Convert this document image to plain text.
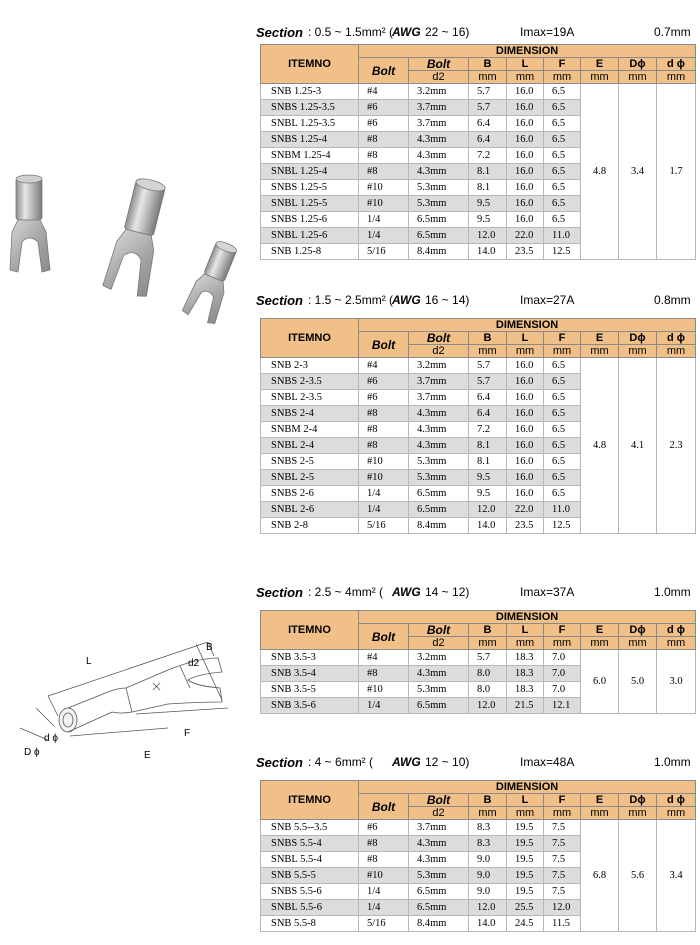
L
B
d2
F
E
d ϕ
D ϕ
Section : 0.5 ~ 1.5mm² (
AWG 22 ~ 16)	Imax=19A	0.7mm
ITEMNO	DIMENSION							
	Bolt	Bolt	B	L	F	E	Dϕ	d ϕ
		d2	mm	mm	mm	mm	mm	mm
SNB 1.25-3	#4	3.2mm	5.7	16.0	6.5	4.8	3.4	1.7
SNBS 1.25-3.5	#6	3.7mm	5.7	16.0	6.5			
SNBL 1.25-3.5	#6	3.7mm	6.4	16.0	6.5			
SNBS 1.25-4	#8	4.3mm	6.4	16.0	6.5			
SNBM 1.25-4	#8	4.3mm	7.2	16.0	6.5			
SNBL 1.25-4	#8	4.3mm	8.1	16.0	6.5			
SNBS 1.25-5	#10	5.3mm	8.1	16.0	6.5			
SNBL 1.25-5	#10	5.3mm	9.5	16.0	6.5			
SNBS 1.25-6	1/4	6.5mm	9.5	16.0	6.5			
SNBL 1.25-6	1/4	6.5mm	12.0	22.0	11.0			
SNB 1.25-8	5/16	8.4mm	14.0	23.5	12.5			
Section : 1.5 ~ 2.5mm² (
AWG 16 ~ 14)	Imax=27A	0.8mm
ITEMNO	DIMENSION							
	Bolt	Bolt	B	L	F	E	Dϕ	d ϕ
		d2	mm	mm	mm	mm	mm	mm
SNB 2-3	#4	3.2mm	5.7	16.0	6.5	4.8	4.1	2.3
SNBS 2-3.5	#6	3.7mm	5.7	16.0	6.5			
SNBL 2-3.5	#6	3.7mm	6.4	16.0	6.5			
SNBS 2-4	#8	4.3mm	6.4	16.0	6.5			
SNBM 2-4	#8	4.3mm	7.2	16.0	6.5			
SNBL 2-4	#8	4.3mm	8.1	16.0	6.5			
SNBS 2-5	#10	5.3mm	8.1	16.0	6.5			
SNBL 2-5	#10	5.3mm	9.5	16.0	6.5			
SNBS 2-6	1/4	6.5mm	9.5	16.0	6.5			
SNBL 2-6	1/4	6.5mm	12.0	22.0	11.0			
SNB 2-8	5/16	8.4mm	14.0	23.5	12.5			
Section : 2.5 ~ 4mm² ( AWG 14 ~ 12)	Imax=37A	1.0mm
ITEMNO	DIMENSION							
	Bolt	Bolt	B	L	F	E	Dϕ	d ϕ
		d2	mm	mm	mm	mm	mm	mm
SNB 3.5-3	#4	3.2mm	5.7	18.3	7.0	6.0	5.0	3.0
SNB 3.5-4	#8	4.3mm	8.0	18.3	7.0			
SNB 3.5-5	#10	5.3mm	8.0	18.3	7.0			
SNB 3.5-6	1/4	6.5mm	12.0	21.5	12.1			
Section : 4 ~ 6mm² ( AWG 12 ~ 10)	Imax=48A	1.0mm
ITEMNO	DIMENSION							
	Bolt	Bolt	B	L	F	E	Dϕ	d ϕ
		d2	mm	mm	mm	mm	mm	mm
SNB 5.5--3.5	#6	3.7mm	8.3	19.5	7.5	6.8	5.6	3.4
SNBS 5.5-4	#8	4.3mm	8.3	19.5	7.5			
SNBL 5.5-4	#8	4.3mm	9.0	19.5	7.5			
SNB 5.5-5	#10	5.3mm	9.0	19.5	7.5			
SNBS 5.5-6	1/4	6.5mm	9.0	19.5	7.5			
SNBL 5.5-6	1/4	6.5mm	12.0	25.5	12.0			
SNB 5.5-8	5/16	8.4mm	14.0	24.5	11.5			
